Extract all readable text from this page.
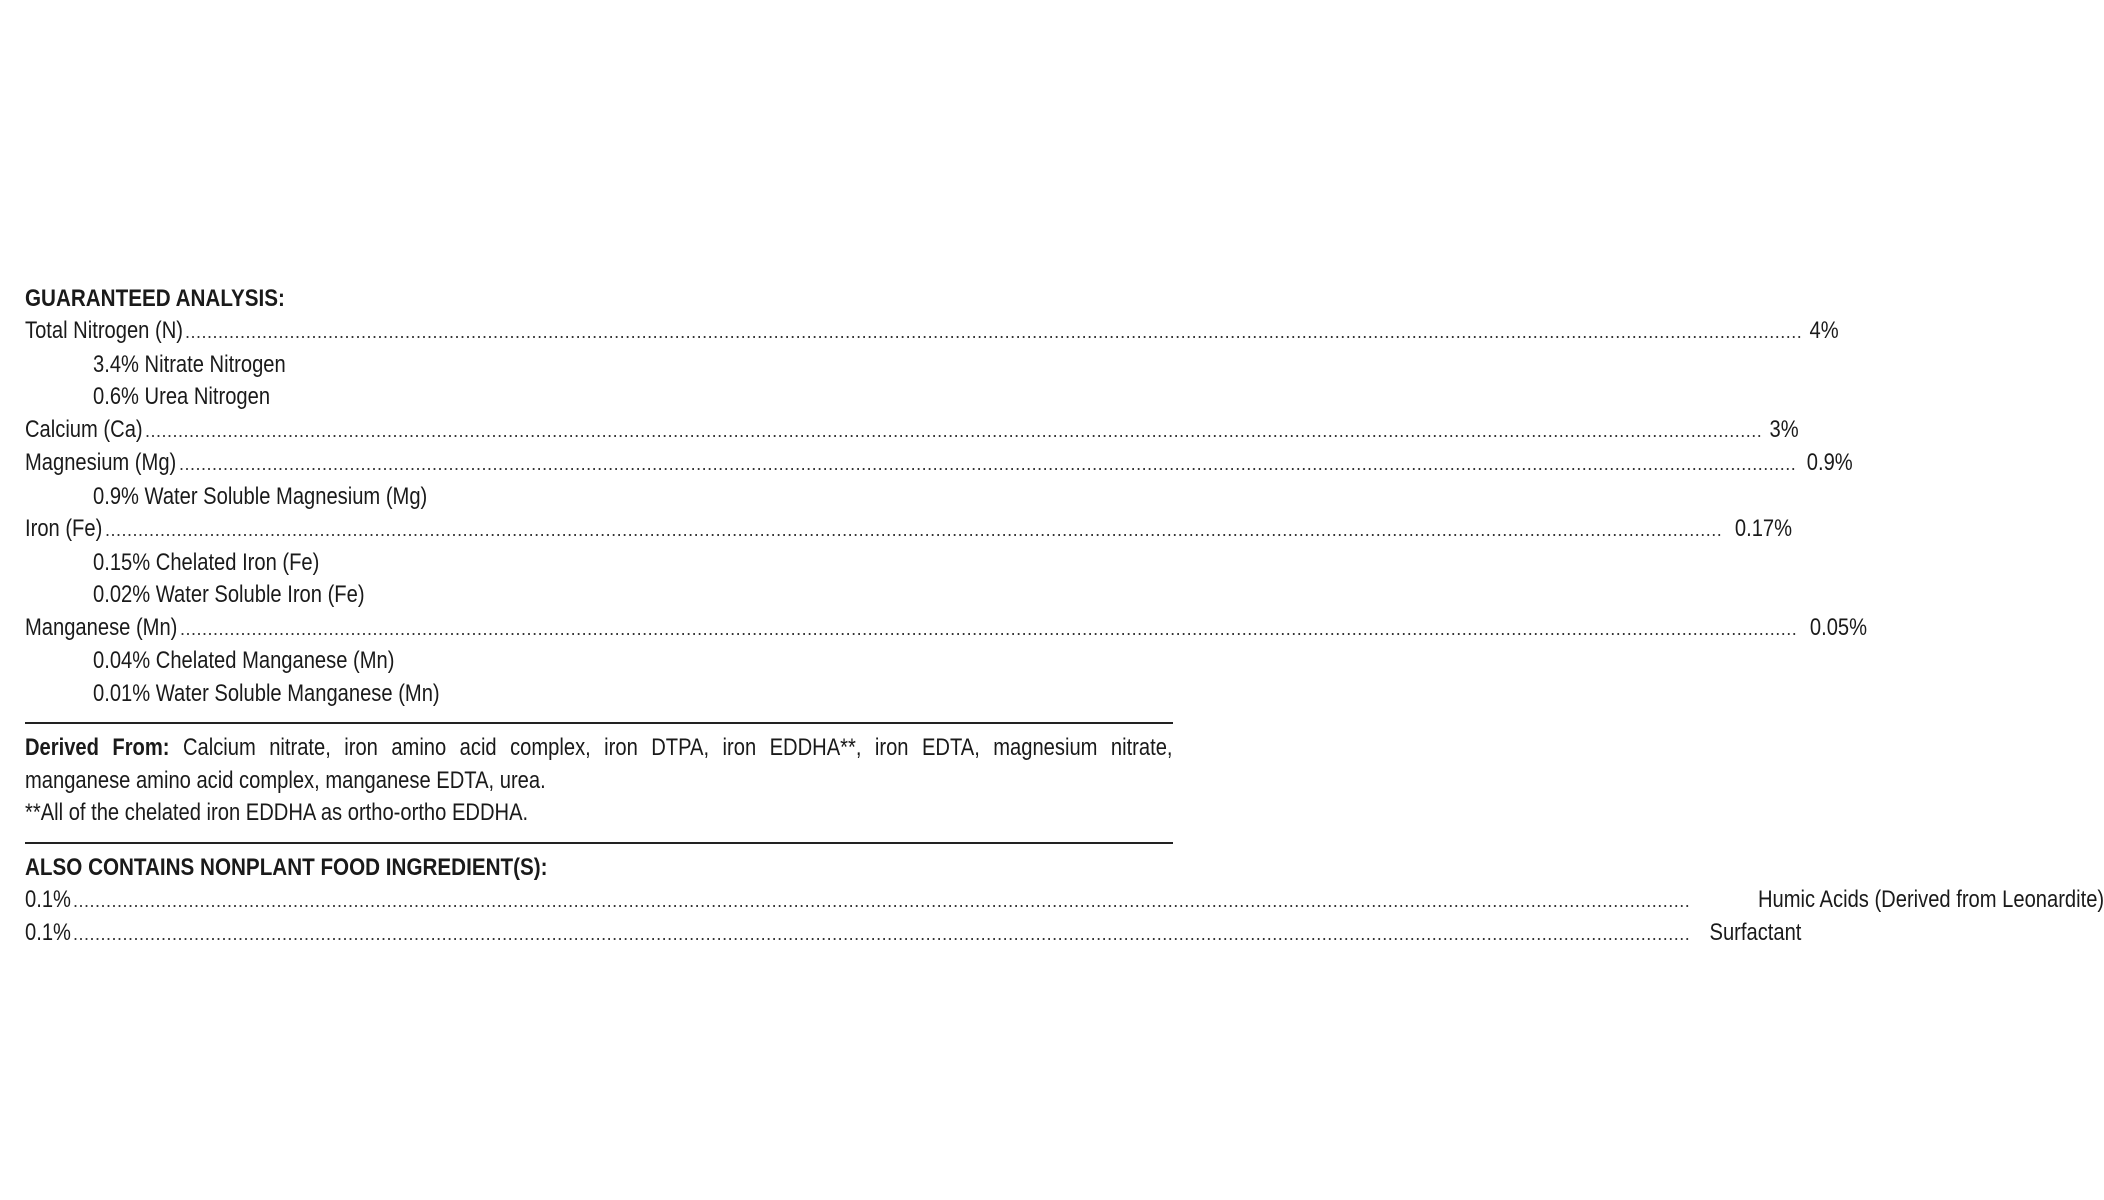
GUARANTEED ANALYSIS:
Total Nitrogen (N) .....	4%
3.4% Nitrate Nitrogen
0.6% Urea Nitrogen
Calcium (Ca) .....	3%
Magnesium (Mg) .....	0.9%
0.9% Water Soluble Magnesium (Mg)
Iron (Fe) .....	0.17%
0.15% Chelated Iron (Fe)
0.02% Water Soluble Iron (Fe)
Manganese (Mn) .....	0.05%
0.04% Chelated Manganese (Mn)
0.01% Water Soluble Manganese (Mn)
Derived From: Calcium nitrate, iron amino acid complex, iron DTPA, iron EDDHA**, iron EDTA, magnesium nitrate,
manganese amino acid complex, manganese EDTA, urea.
**All of the chelated iron EDDHA as ortho-ortho EDDHA.
ALSO CONTAINS NONPLANT FOOD INGREDIENT(S):
0.1% .....	Humic Acids (Derived from Leonardite)
0.1% .....	Surfactant
